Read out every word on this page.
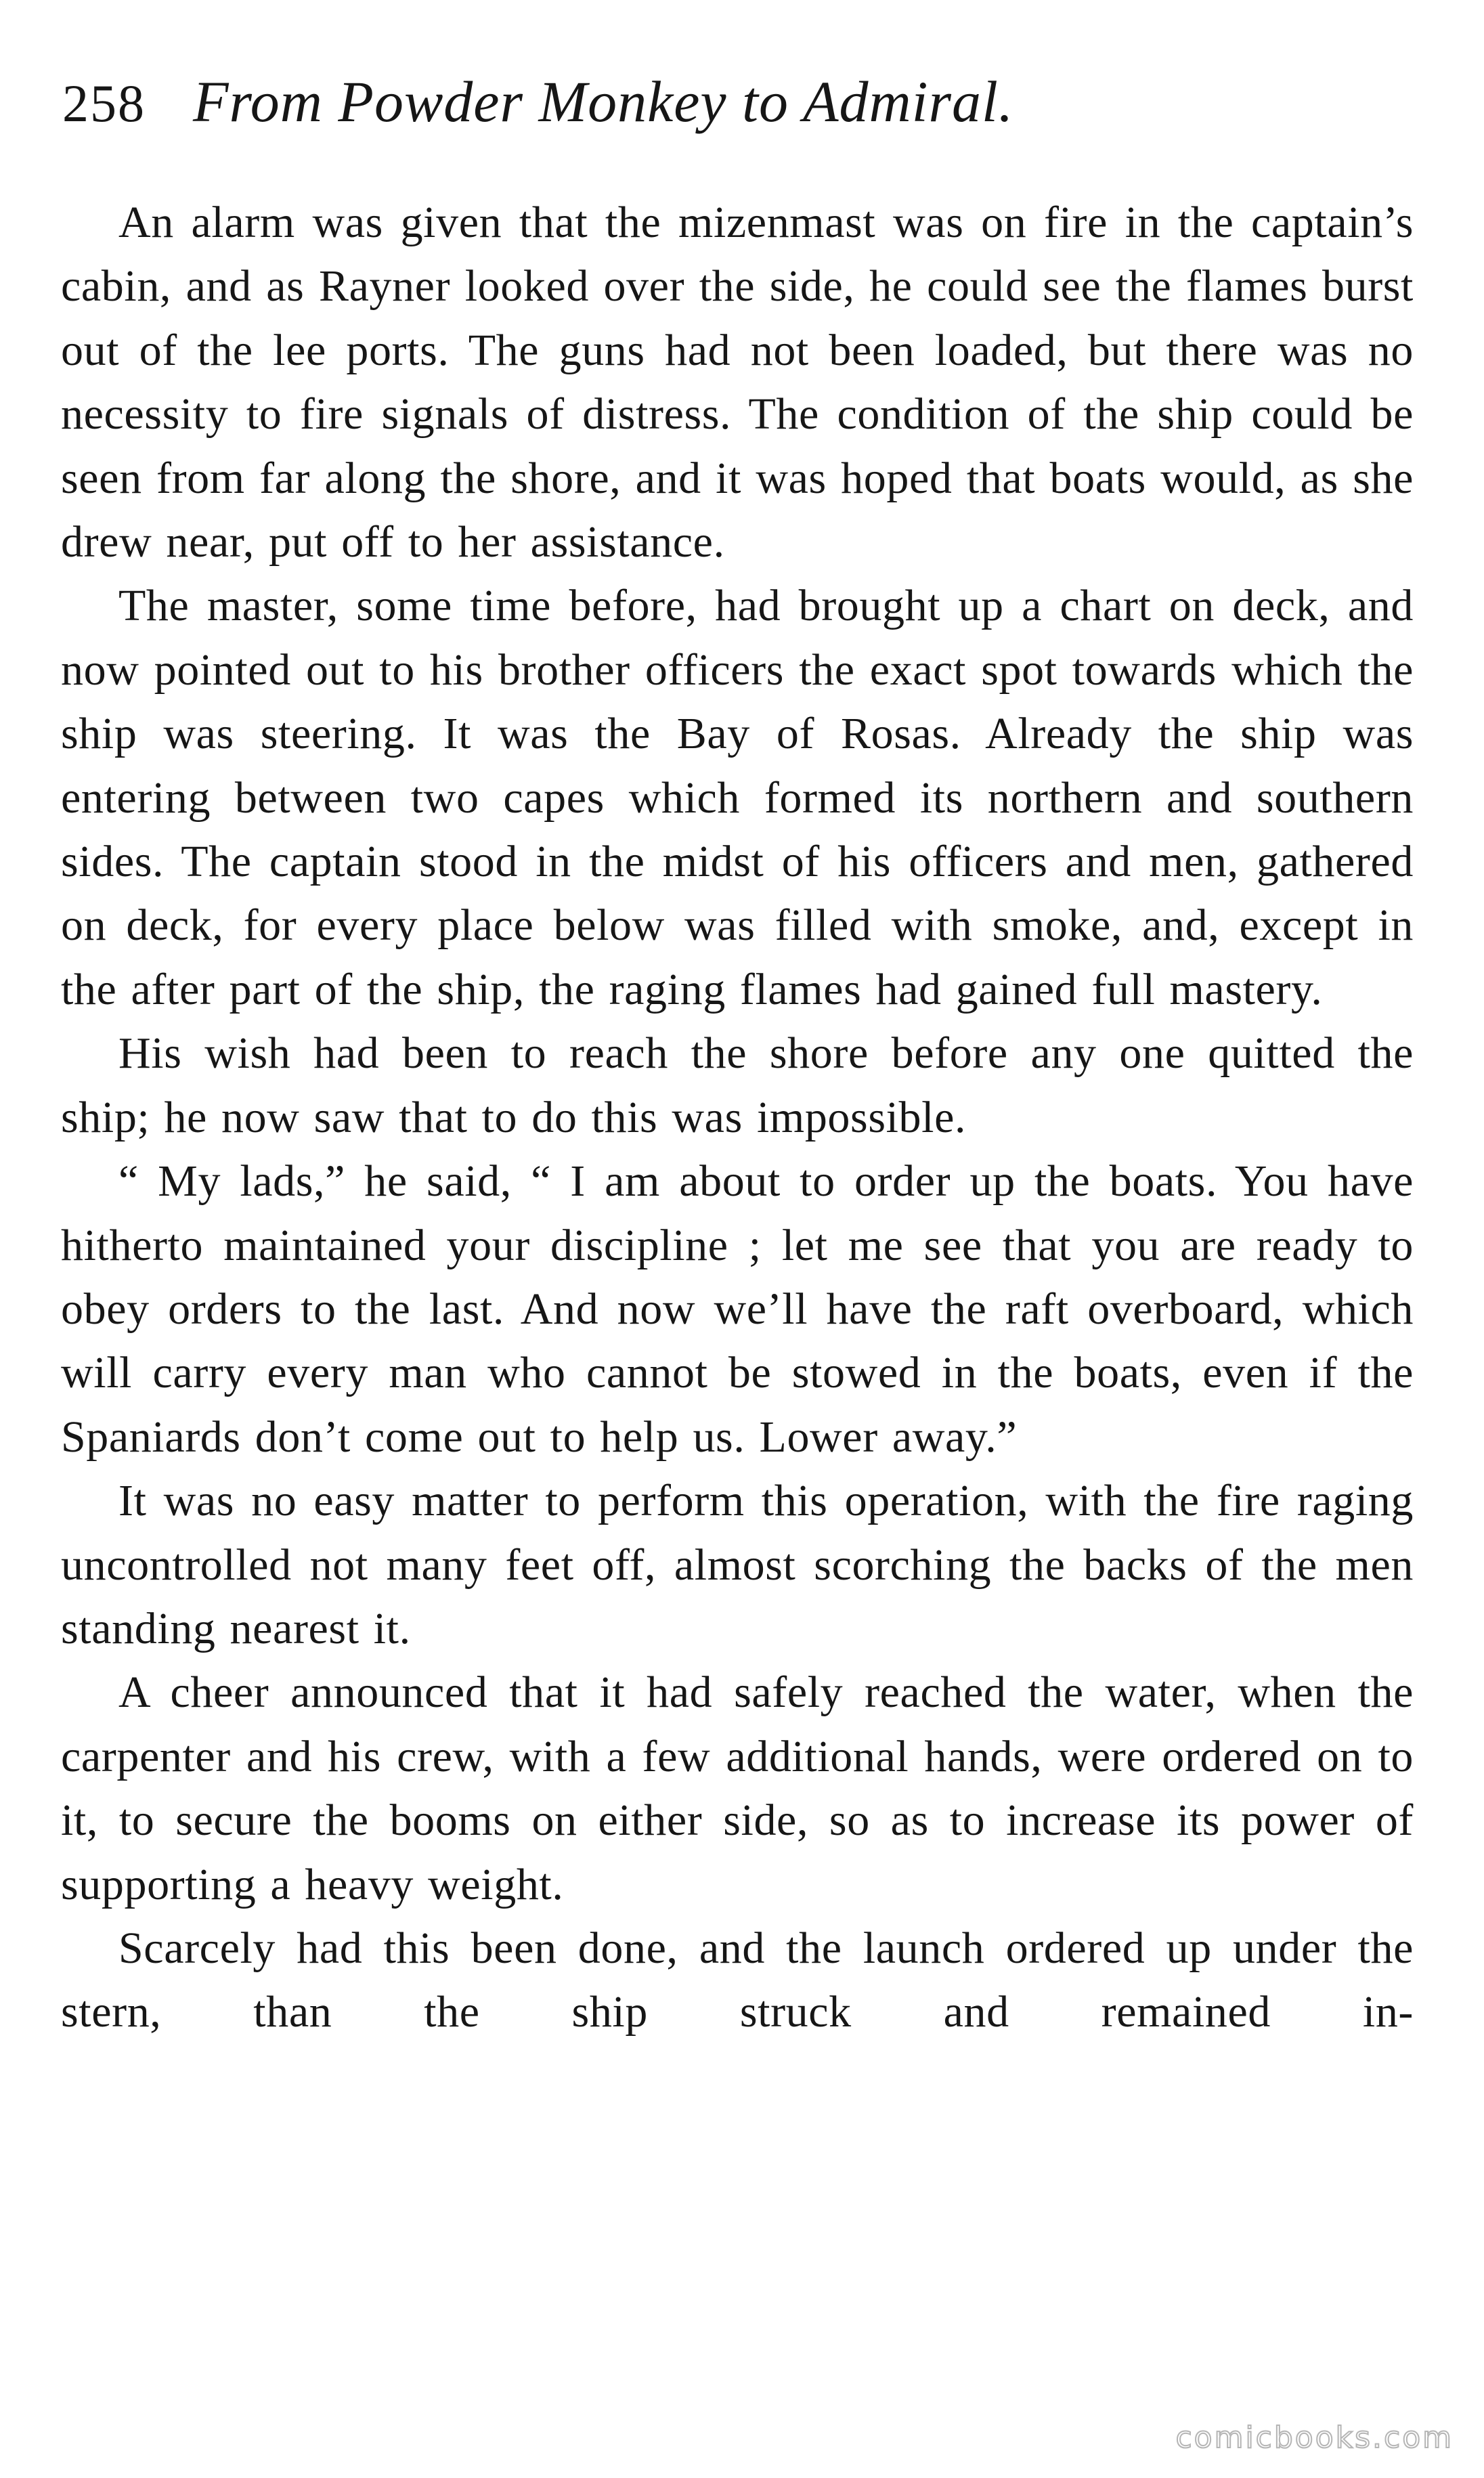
258 From Powder Monkey to Admiral.

An alarm was given that the mizenmast was on fire in the captain’s cabin, and as Rayner looked over the side, he could see the flames burst out of the lee ports. The guns had not been loaded, but there was no necessity to fire signals of distress. The condition of the ship could be seen from far along the shore, and it was hoped that boats would, as she drew near, put off to her assistance.

The master, some time before, had brought up a chart on deck, and now pointed out to his brother officers the exact spot towards which the ship was steering. It was the Bay of Rosas. Already the ship was entering between two capes which formed its northern and southern sides. The captain stood in the midst of his officers and men, gathered on deck, for every place below was filled with smoke, and, except in the after part of the ship, the raging flames had gained full mastery.

His wish had been to reach the shore before any one quitted the ship; he now saw that to do this was impossible.

“ My lads,” he said, “ I am about to order up the boats. You have hitherto maintained your discipline ; let me see that you are ready to obey orders to the last. And now we’ll have the raft overboard, which will carry every man who cannot be stowed in the boats, even if the Spaniards don’t come out to help us. Lower away.”

It was no easy matter to perform this operation, with the fire raging uncontrolled not many feet off, almost scorching the backs of the men standing nearest it.

A cheer announced that it had safely reached the water, when the carpenter and his crew, with a few additional hands, were ordered on to it, to secure the booms on either side, so as to increase its power of supporting a heavy weight.

Scarcely had this been done, and the launch ordered up under the stern, than the ship struck and remained in-

comicbooks.com
